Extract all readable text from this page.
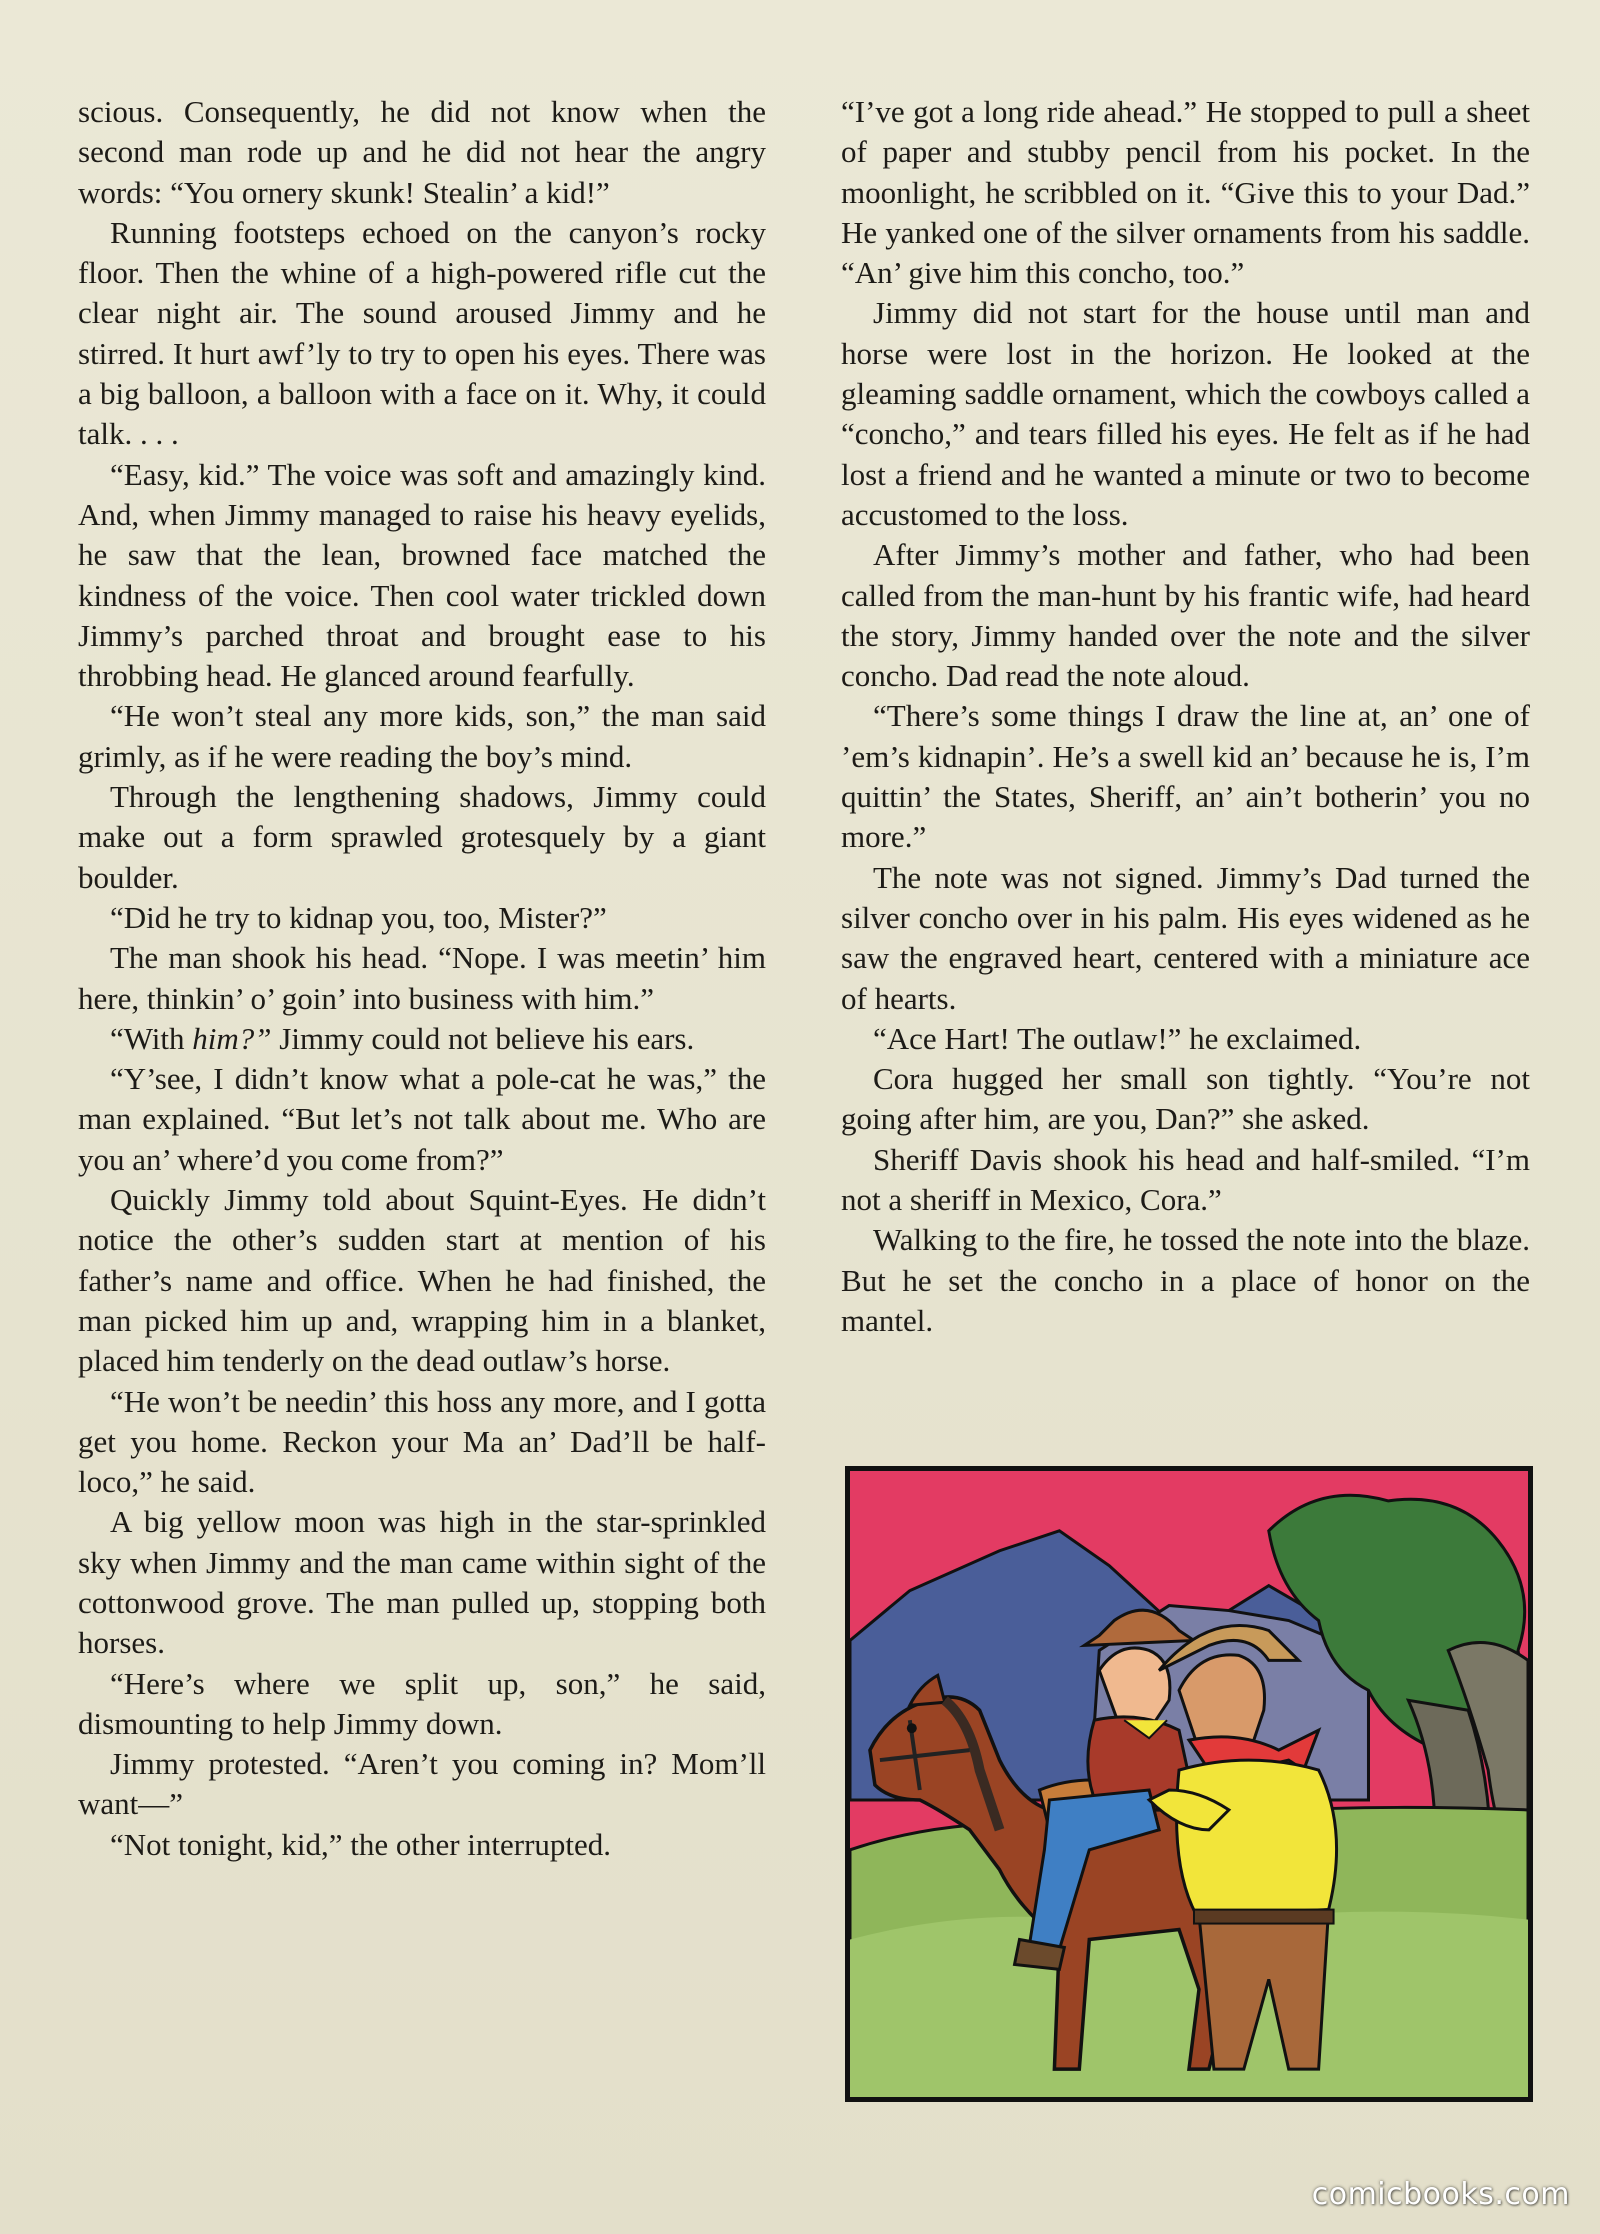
scious. Consequently, he did not know when the second man rode up and he did not hear the angry words: “You ornery skunk! Stealin’ a kid!”

Running footsteps echoed on the canyon’s rocky floor. Then the whine of a high-powered rifle cut the clear night air. The sound aroused Jimmy and he stirred. It hurt awf’ly to try to open his eyes. There was a big balloon, a balloon with a face on it. Why, it could talk. . . .

“Easy, kid.” The voice was soft and amazingly kind. And, when Jimmy managed to raise his heavy eyelids, he saw that the lean, browned face matched the kindness of the voice. Then cool water trickled down Jimmy’s parched throat and brought ease to his throbbing head. He glanced around fearfully.

“He won’t steal any more kids, son,” the man said grimly, as if he were reading the boy’s mind.

Through the lengthening shadows, Jimmy could make out a form sprawled grotesquely by a giant boulder.

“Did he try to kidnap you, too, Mister?”

The man shook his head. “Nope. I was meetin’ him here, thinkin’ o’ goin’ into business with him.”

“With him?” Jimmy could not believe his ears.

“Y’see, I didn’t know what a pole-cat he was,” the man explained. “But let’s not talk about me. Who are you an’ where’d you come from?”

Quickly Jimmy told about Squint-Eyes. He didn’t notice the other’s sudden start at mention of his father’s name and office. When he had finished, the man picked him up and, wrapping him in a blanket, placed him tenderly on the dead outlaw’s horse.

“He won’t be needin’ this hoss any more, and I gotta get you home. Reckon your Ma an’ Dad’ll be half-loco,” he said.

A big yellow moon was high in the star-sprinkled sky when Jimmy and the man came within sight of the cottonwood grove. The man pulled up, stopping both horses.

“Here’s where we split up, son,” he said, dismounting to help Jimmy down.

Jimmy protested. “Aren’t you coming in? Mom’ll want—”

“Not tonight, kid,” the other interrupted.

“I’ve got a long ride ahead.” He stopped to pull a sheet of paper and stubby pencil from his pocket. In the moonlight, he scribbled on it. “Give this to your Dad.” He yanked one of the silver ornaments from his saddle. “An’ give him this concho, too.”

Jimmy did not start for the house until man and horse were lost in the horizon. He looked at the gleaming saddle ornament, which the cowboys called a “concho,” and tears filled his eyes. He felt as if he had lost a friend and he wanted a minute or two to become accustomed to the loss.

After Jimmy’s mother and father, who had been called from the man-hunt by his frantic wife, had heard the story, Jimmy handed over the note and the silver concho. Dad read the note aloud.

“There’s some things I draw the line at, an’ one of ’em’s kidnapin’. He’s a swell kid an’ because he is, I’m quittin’ the States, Sheriff, an’ ain’t botherin’ you no more.”

The note was not signed. Jimmy’s Dad turned the silver concho over in his palm. His eyes widened as he saw the engraved heart, centered with a miniature ace of hearts.

“Ace Hart! The outlaw!” he exclaimed.

Cora hugged her small son tightly. “You’re not going after him, are you, Dan?” she asked.

Sheriff Davis shook his head and half-smiled. “I’m not a sheriff in Mexico, Cora.”

Walking to the fire, he tossed the note into the blaze. But he set the concho in a place of honor on the mantel.

comicbooks.com
